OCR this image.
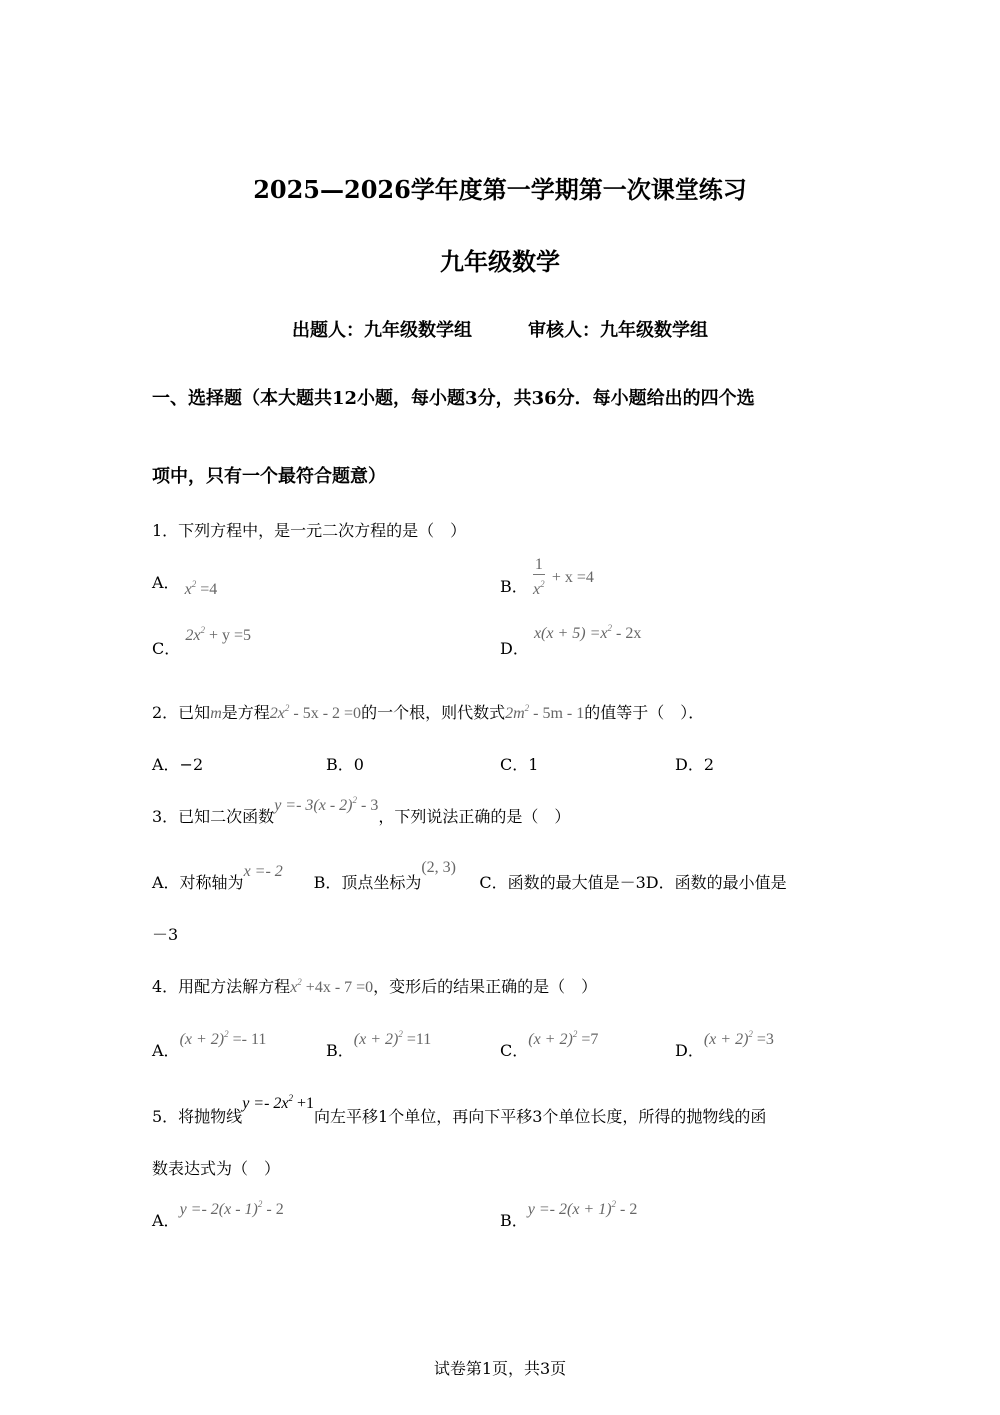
2025—2026学年度第一学期第一次课堂练习
九年级数学
出题人：九年级数学组	审核人：九年级数学组
一、选择题（本大题共12小题，每小题3分，共36分．每小题给出的四个选
项中，只有一个最符合题意）
1．下列方程中，是一元二次方程的是（　）
A． $x^2 =4$	B． $\frac{1}{x^2} + x =4$
C． $2x^2 + y =5$
D． $x(x + 5) =x^2 - 2x$
2．已知m是方程$2x^2 - 5x - 2 =0$的一个根，则代数式$2m^2 - 5m - 1$的值等于（　）．
A．−2	B．0	C．1	D．2
3．已知二次函数y =- 3(x - 2)$^2$ - 3，下列说法正确的是（　）
A．对称轴为x =- 2B．顶点坐标为(2, 3)C．函数的最大值是－3D．函数的最小值是
－3
4．用配方法解方程$x^2 +4x - 7 =0$，变形后的结果正确的是（　）
A．$(x + 2)^2 =- 11$
B．$(x + 2)^2 =11$
C．$(x + 2)^2 =7$
D．$(x + 2)^2 =3$
5．将抛物线$y =- 2x^2 +1$向左平移1个单位，再向下平移3个单位长度，所得的抛物线的函
数表达式为（　）
A．y =- 2(x - 1)$^2$ - 2
B．$y =- 2(x + 1)^2 - 2$
试卷第1页，共3页
